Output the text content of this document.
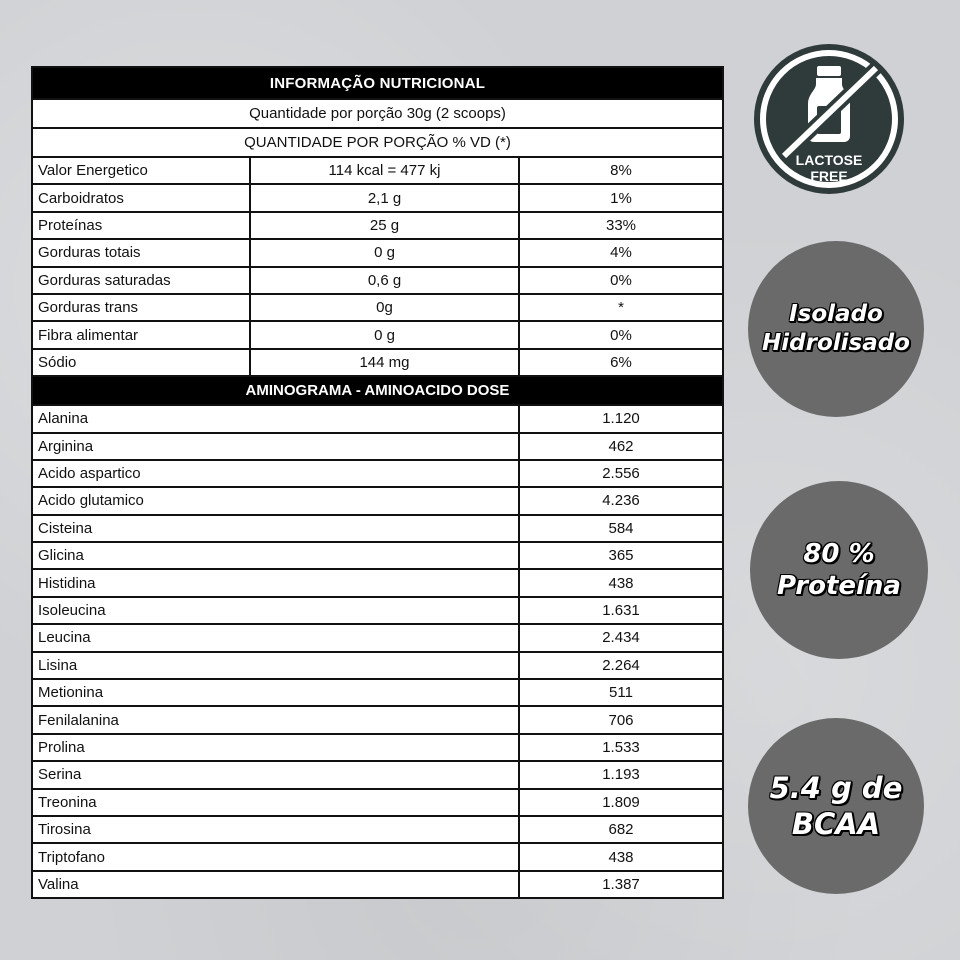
INFORMAÇÃO NUTRICIONAL
Quantidade por porção 30g (2 scoops)
QUANTIDADE POR PORÇÃO % VD (*)
Valor Energetico	114 kcal = 477 kj	8%
Carboidratos	2,1 g	1%
Proteínas	25 g	33%
Gorduras totais	0 g	4%
Gorduras saturadas	0,6 g	0%
Gorduras trans	0g	*
Fibra alimentar	0 g	0%
Sódio	144 mg	6%
AMINOGRAMA - AMINOACIDO DOSE
Alanina	1.120
Arginina	462
Acido aspartico	2.556
Acido glutamico	4.236
Cisteina	584
Glicina	365
Histidina	438
Isoleucina	1.631
Leucina	2.434
Lisina	2.264
Metionina	511
Fenilalanina	706
Prolina	1.533
Serina	1.193
Treonina	1.809
Tirosina	682
Triptofano	438
Valina	1.387
LACTOSE
FREE
Isolado
Hidrolisado
80 %
Proteína
5.4 g de
BCAA
